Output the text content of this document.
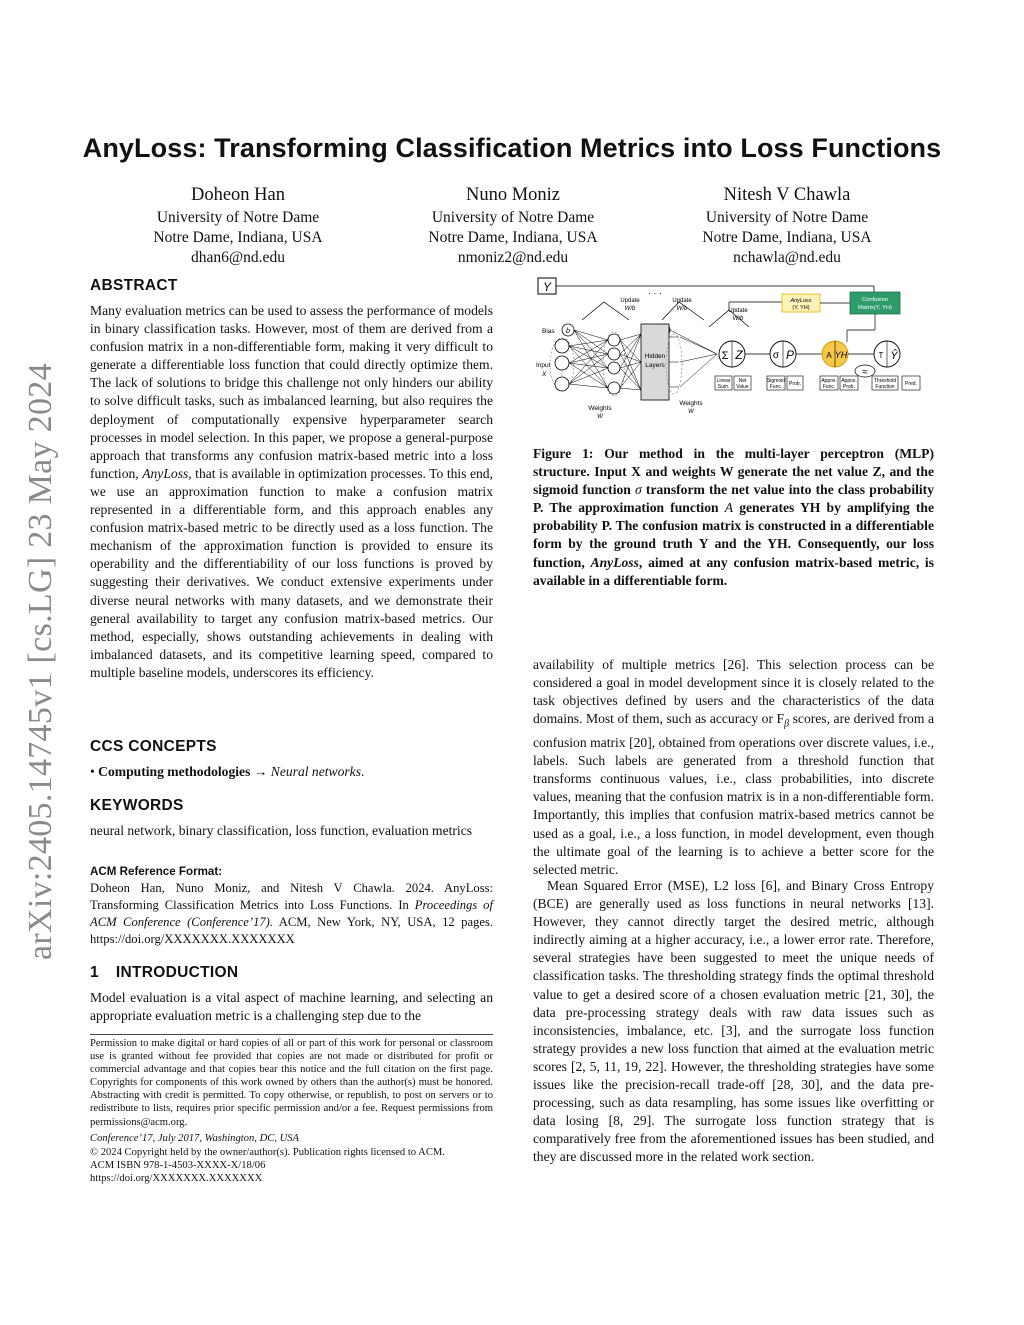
AnyLoss: Transforming Classification Metrics into Loss Functions
Doheon Han
University of Notre Dame
Notre Dame, Indiana, USA
dhan6@nd.edu
Nuno Moniz
University of Notre Dame
Notre Dame, Indiana, USA
nmoniz2@nd.edu
Nitesh V Chawla
University of Notre Dame
Notre Dame, Indiana, USA
nchawla@nd.edu
arXiv:2405.14745v1 [cs.LG] 23 May 2024
ABSTRACT
Many evaluation metrics can be used to assess the performance of models in binary classification tasks. However, most of them are derived from a confusion matrix in a non-differentiable form, making it very difficult to generate a differentiable loss function that could directly optimize them. The lack of solutions to bridge this challenge not only hinders our ability to solve difficult tasks, such as imbalanced learning, but also requires the deployment of computationally expensive hyperparameter search processes in model selection. In this paper, we propose a general-purpose approach that transforms any confusion matrix-based metric into a loss function, AnyLoss, that is available in optimization processes. To this end, we use an approximation function to make a confusion matrix represented in a differentiable form, and this approach enables any confusion matrix-based metric to be directly used as a loss function. The mechanism of the approximation function is provided to ensure its operability and the differentiability of our loss functions is proved by suggesting their derivatives. We conduct extensive experiments under diverse neural networks with many datasets, and we demonstrate their general availability to target any confusion matrix-based metrics. Our method, especially, shows outstanding achievements in dealing with imbalanced datasets, and its competitive learning speed, compared to multiple baseline models, underscores its efficiency.
CCS CONCEPTS
• Computing methodologies → Neural networks.
KEYWORDS
neural network, binary classification, loss function, evaluation metrics
ACM Reference Format:
Doheon Han, Nuno Moniz, and Nitesh V Chawla. 2024. AnyLoss: Transforming Classification Metrics into Loss Functions. In Proceedings of ACM Conference (Conference’17). ACM, New York, NY, USA, 12 pages. https://doi.org/XXXXXXX.XXXXXXX
1 INTRODUCTION
Model evaluation is a vital aspect of machine learning, and selecting an appropriate evaluation metric is a challenging step due to the
Permission to make digital or hard copies of all or part of this work for personal or classroom use is granted without fee provided that copies are not made or distributed for profit or commercial advantage and that copies bear this notice and the full citation on the first page. Copyrights for components of this work owned by others than the author(s) must be honored. Abstracting with credit is permitted. To copy otherwise, or republish, to post on servers or to redistribute to lists, requires prior specific permission and/or a fee. Request permissions from permissions@acm.org.
Conference’17, July 2017, Washington, DC, USA
© 2024 Copyright held by the owner/author(s). Publication rights licensed to ACM.
ACM ISBN 978-1-4503-XXXX-X/18/06
https://doi.org/XXXXXXX.XXXXXXX
Y
Bias b
Input
X ⋮
Hidden
Layers
Update
W/b
· · ·
Update
W/b	Update
W/b
Weights
W
Weights
W
AnyLoss
(Y, YH)
Confusion
Matrix(Y, YH)
Σ Z	σ P	A YH
≈
T Ŷ
Linear
Sum.
Net
Value
Sigmoid
Func. Prob.	Appox.
Func.
Appox.
Prob.
Threshold
Function Pred.
Figure 1: Our method in the multi-layer perceptron (MLP) structure. Input X and weights W generate the net value Z, and the sigmoid function σ transform the net value into the class probability P. The approximation function A generates YH by amplifying the probability P. The confusion matrix is constructed in a differentiable form by the ground truth Y and the YH. Consequently, our loss function, AnyLoss, aimed at any confusion matrix-based metric, is available in a differentiable form.
availability of multiple metrics [26]. This selection process can be considered a goal in model development since it is closely related to the task objectives defined by users and the characteristics of the data domains. Most of them, such as accuracy or $F_\beta$ scores, are derived from a confusion matrix [20], obtained from operations over discrete values, i.e., labels. Such labels are generated from a threshold function that transforms continuous values, i.e., class probabilities, into discrete values, meaning that the confusion matrix is in a non-differentiable form. Importantly, this implies that confusion matrix-based metrics cannot be used as a goal, i.e., a loss function, in model development, even though the ultimate goal of the learning is to achieve a better score for the selected metric.
Mean Squared Error (MSE), L2 loss [6], and Binary Cross Entropy (BCE) are generally used as loss functions in neural networks [13]. However, they cannot directly target the desired metric, although indirectly aiming at a higher accuracy, i.e., a lower error rate. Therefore, several strategies have been suggested to meet the unique needs of classification tasks. The thresholding strategy finds the optimal threshold value to get a desired score of a chosen evaluation metric [21, 30], the data pre-processing strategy deals with raw data issues such as inconsistencies, imbalance, etc. [3], and the surrogate loss function strategy provides a new loss function that aimed at the evaluation metric scores [2, 5, 11, 19, 22]. However, the thresholding strategies have some issues like the precision-recall trade-off [28, 30], and the data pre-processing, such as data resampling, has some issues like overfitting or data losing [8, 29]. The surrogate loss function strategy that is comparatively free from the aforementioned issues has been studied, and they are discussed more in the related work section.
